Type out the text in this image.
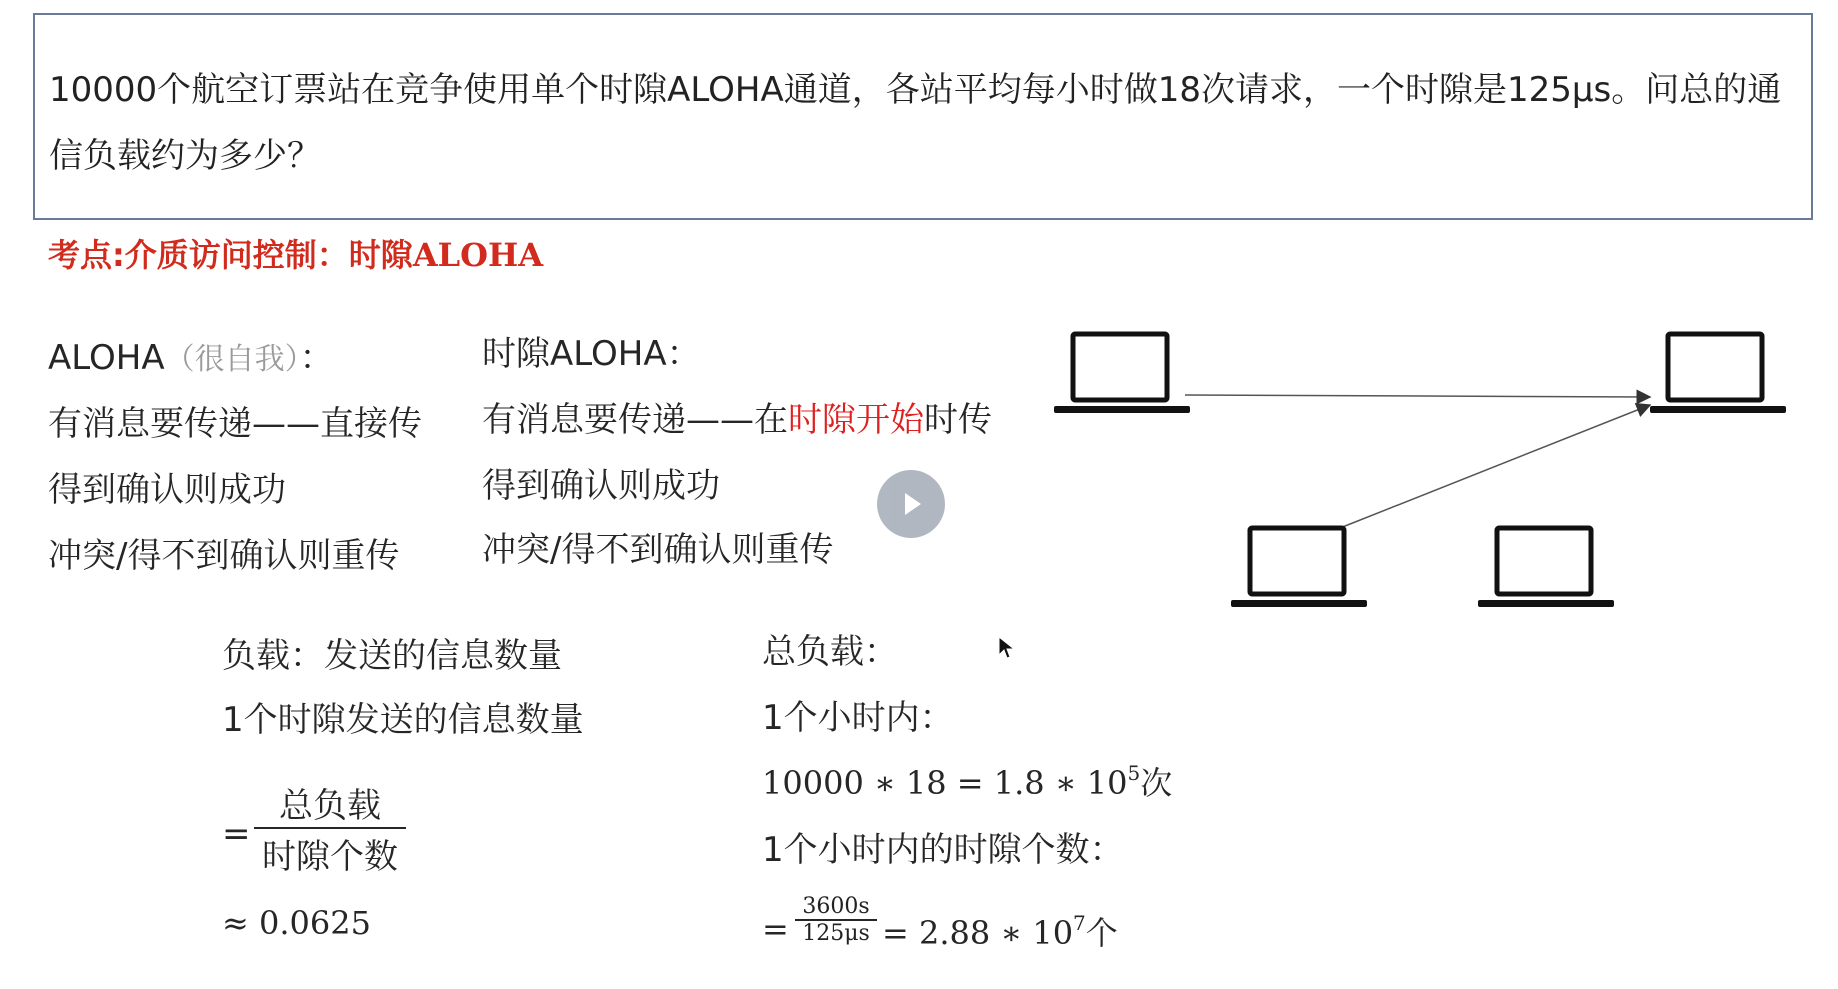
10000个航空订票站在竞争使用单个时隙ALOHA通道，各站平均每小时做18次请求，一个时隙是125μs。问总的通信负载约为多少？
考点:介质访问控制：时隙ALOHA
ALOHA（很自我）：
有消息要传递——直接传
得到确认则成功
冲突/得不到确认则重传
时隙ALOHA：
有消息要传递——在时隙开始时传
得到确认则成功
冲突/得不到确认则重传
负载：发送的信息数量
1个时隙发送的信息数量
=
总负载
时隙个数
≈ 0.0625
总负载：
1个小时内：
10000 ∗ 18 = 1.8 ∗ $10^5$次
1个小时内的时隙个数：
=
3600s
125μs = 2.88 ∗ $10^7$个
